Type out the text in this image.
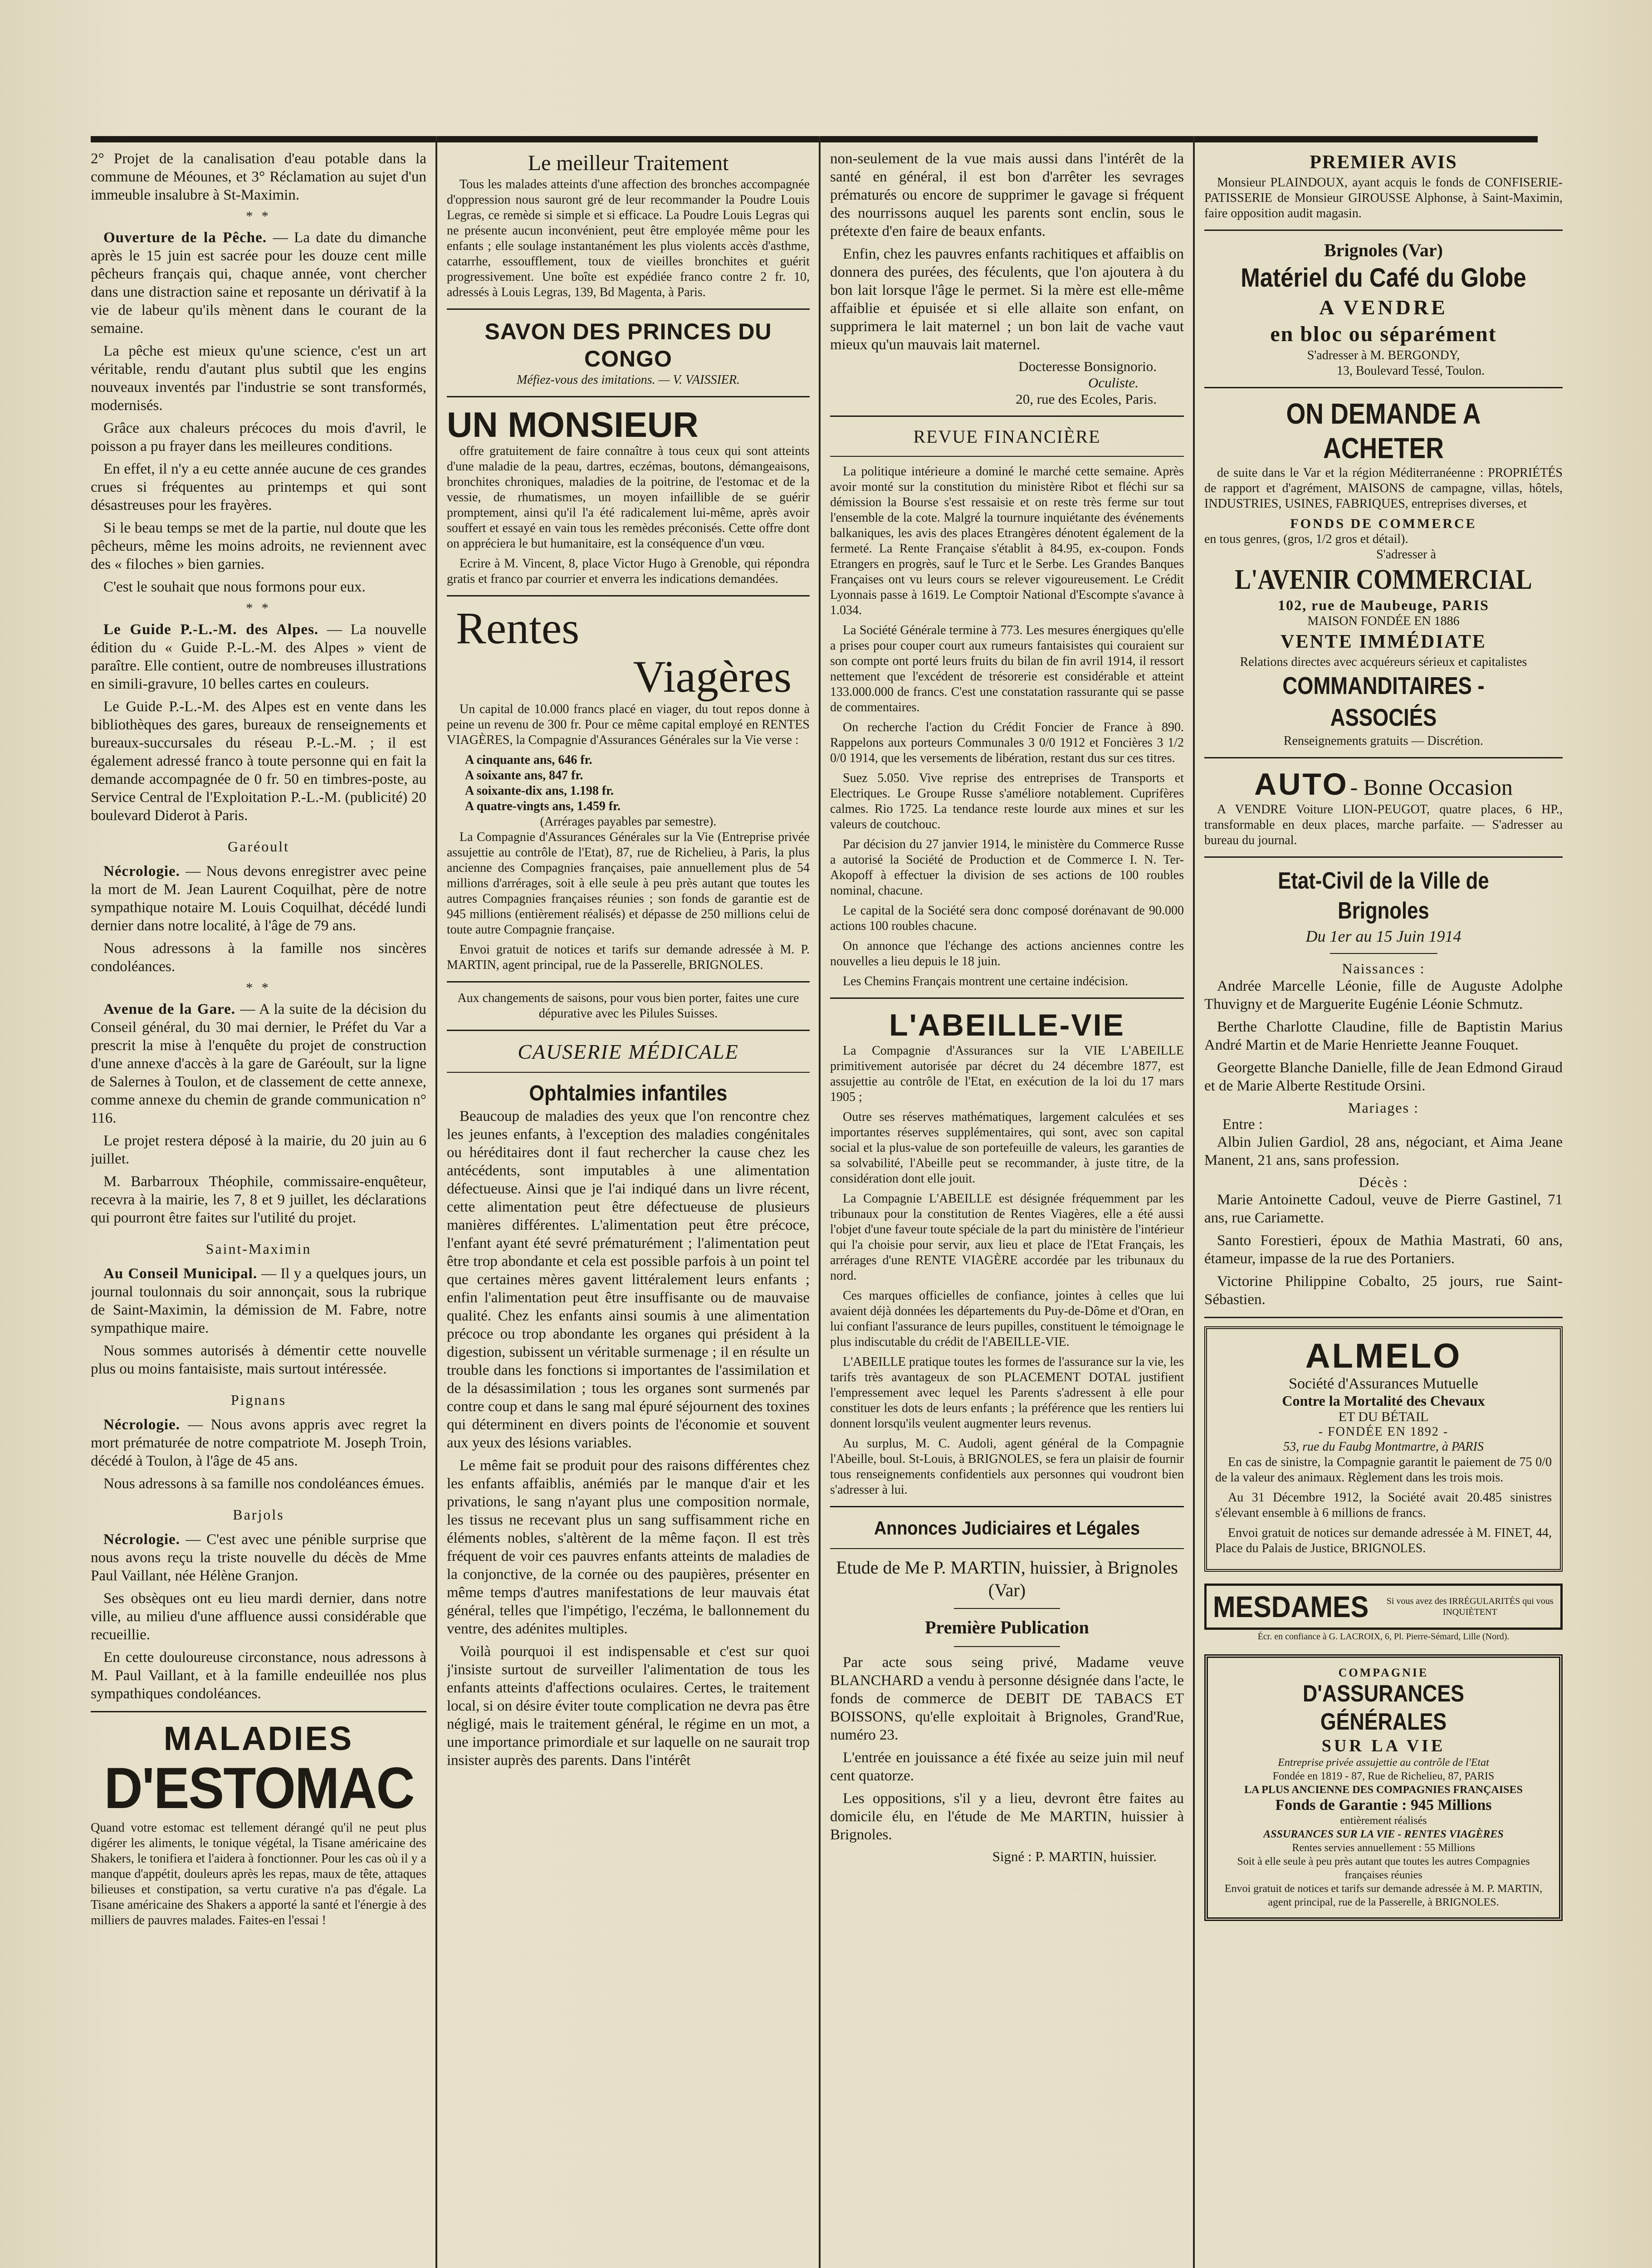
2° Projet de la canalisation d'eau potable dans la commune de Méounes, et 3° Réclamation au sujet d'un immeuble insalubre à St-Maximin.

* *

Ouverture de la Pêche. — La date du dimanche après le 15 juin est sacrée pour les douze cent mille pêcheurs français qui, chaque année, vont chercher dans une distraction saine et reposante un dérivatif à la vie de labeur qu'ils mènent dans le courant de la semaine.

La pêche est mieux qu'une science, c'est un art véritable, rendu d'autant plus subtil que les engins nouveaux inventés par l'industrie se sont transformés, modernisés.

Grâce aux chaleurs précoces du mois d'avril, le poisson a pu frayer dans les meilleures conditions.

En effet, il n'y a eu cette année aucune de ces grandes crues si fréquentes au printemps et qui sont désastreuses pour les frayères.

Si le beau temps se met de la partie, nul doute que les pêcheurs, même les moins adroits, ne reviennent avec des « filoches » bien garnies.

C'est le souhait que nous formons pour eux.

* *

Le Guide P.-L.-M. des Alpes. — La nouvelle édition du « Guide P.-L.-M. des Alpes » vient de paraître. Elle contient, outre de nombreuses illustrations en simili-gravure, 10 belles cartes en couleurs.

Le Guide P.-L.-M. des Alpes est en vente dans les bibliothèques des gares, bureaux de renseignements et bureaux-succursales du réseau P.-L.-M. ; il est également adressé franco à toute personne qui en fait la demande accompagnée de 0 fr. 50 en timbres-poste, au Service Central de l'Exploitation P.-L.-M. (publicité) 20 boulevard Diderot à Paris.

Garéoult

Nécrologie. — Nous devons enregistrer avec peine la mort de M. Jean Laurent Coquilhat, père de notre sympathique notaire M. Louis Coquilhat, décédé lundi dernier dans notre localité, à l'âge de 79 ans.

Nous adressons à la famille nos sincères condoléances.

* *

Avenue de la Gare. — A la suite de la décision du Conseil général, du 30 mai dernier, le Préfet du Var a prescrit la mise à l'enquête du projet de construction d'une annexe d'accès à la gare de Garéoult, sur la ligne de Salernes à Toulon, et de classement de cette annexe, comme annexe du chemin de grande communication n° 116.

Le projet restera déposé à la mairie, du 20 juin au 6 juillet.

M. Barbarroux Théophile, commissaire-enquêteur, recevra à la mairie, les 7, 8 et 9 juillet, les déclarations qui pourront être faites sur l'utilité du projet.

Saint-Maximin

Au Conseil Municipal. — Il y a quelques jours, un journal toulonnais du soir annonçait, sous la rubrique de Saint-Maximin, la démission de M. Fabre, notre sympathique maire.

Nous sommes autorisés à démentir cette nouvelle plus ou moins fantaisiste, mais surtout intéressée.

Pignans

Nécrologie. — Nous avons appris avec regret la mort prématurée de notre compatriote M. Joseph Troin, décédé à Toulon, à l'âge de 45 ans.

Nous adressons à sa famille nos condoléances émues.

Barjols

Nécrologie. — C'est avec une pénible surprise que nous avons reçu la triste nouvelle du décès de Mme Paul Vaillant, née Hélène Granjon.

Ses obsèques ont eu lieu mardi dernier, dans notre ville, au milieu d'une affluence aussi considérable que recueillie.

En cette douloureuse circonstance, nous adressons à M. Paul Vaillant, et à la famille endeuillée nos plus sympathiques condoléances.

MALADIES
D'ESTOMAC

Quand votre estomac est tellement dérangé qu'il ne peut plus digérer les aliments, le tonique végétal, la Tisane américaine des Shakers, le tonifiera et l'aidera à fonctionner. Pour les cas où il y a manque d'appétit, douleurs après les repas, maux de tête, attaques bilieuses et constipation, sa vertu curative n'a pas d'égale. La Tisane américaine des Shakers a apporté la santé et l'énergie à des milliers de pauvres malades. Faites-en l'essai !

Le meilleur Traitement

Tous les malades atteints d'une affection des bronches accompagnée d'oppression nous sauront gré de leur recommander la Poudre Louis Legras, ce remède si simple et si efficace. La Poudre Louis Legras qui ne présente aucun inconvénient, peut être employée même pour les enfants ; elle soulage instantanément les plus violents accès d'asthme, catarrhe, essoufflement, toux de vieilles bronchites et guérit progressivement. Une boîte est expédiée franco contre 2 fr. 10, adressés à Louis Legras, 139, Bd Magenta, à Paris.

SAVON DES PRINCES DU CONGO
Méfiez-vous des imitations. — V. VAISSIER.
UN MONSIEUR

offre gratuitement de faire connaître à tous ceux qui sont atteints d'une maladie de la peau, dartres, eczémas, boutons, démangeaisons, bronchites chroniques, maladies de la poitrine, de l'estomac et de la vessie, de rhumatismes, un moyen infaillible de se guérir promptement, ainsi qu'il l'a été radicalement lui-même, après avoir souffert et essayé en vain tous les remèdes préconisés. Cette offre dont on appréciera le but humanitaire, est la conséquence d'un vœu.

Ecrire à M. Vincent, 8, place Victor Hugo à Grenoble, qui répondra gratis et franco par courrier et enverra les indications demandées.

Rentes
Viagères

Un capital de 10.000 francs placé en viager, du tout repos donne à peine un revenu de 300 fr. Pour ce même capital employé en RENTES VIAGÈRES, la Compagnie d'Assurances Générales sur la Vie verse :

A cinquante ans, 646 fr.
A soixante ans, 847 fr.
A soixante-dix ans, 1.198 fr.
A quatre-vingts ans, 1.459 fr.
(Arrérages payables par semestre).

La Compagnie d'Assurances Générales sur la Vie (Entreprise privée assujettie au contrôle de l'Etat), 87, rue de Richelieu, à Paris, la plus ancienne des Compagnies françaises, paie annuellement plus de 54 millions d'arrérages, soit à elle seule à peu près autant que toutes les autres Compagnies françaises réunies ; son fonds de garantie est de 945 millions (entièrement réalisés) et dépasse de 250 millions celui de toute autre Compagnie française.

Envoi gratuit de notices et tarifs sur demande adressée à M. P. MARTIN, agent principal, rue de la Passerelle, BRIGNOLES.

Aux changements de saisons, pour vous bien porter, faites une cure dépurative avec les Pilules Suisses.

CAUSERIE MÉDICALE
Ophtalmies infantiles

Beaucoup de maladies des yeux que l'on rencontre chez les jeunes enfants, à l'exception des maladies congénitales ou héréditaires dont il faut rechercher la cause chez les antécédents, sont imputables à une alimentation défectueuse. Ainsi que je l'ai indiqué dans un livre récent, cette alimentation peut être défectueuse de plusieurs manières différentes. L'alimentation peut être précoce, l'enfant ayant été sevré prématurément ; l'alimentation peut être trop abondante et cela est possible parfois à un point tel que certaines mères gavent littéralement leurs enfants ; enfin l'alimentation peut être insuffisante ou de mauvaise qualité. Chez les enfants ainsi soumis à une alimentation précoce ou trop abondante les organes qui président à la digestion, subissent un véritable surmenage ; il en résulte un trouble dans les fonctions si importantes de l'assimilation et de la désassimilation ; tous les organes sont surmenés par contre coup et dans le sang mal épuré séjournent des toxines qui déterminent en divers points de l'économie et souvent aux yeux des lésions variables.

Le même fait se produit pour des raisons différentes chez les enfants affaiblis, anémiés par le manque d'air et les privations, le sang n'ayant plus une composition normale, les tissus ne recevant plus un sang suffisamment riche en éléments nobles, s'altèrent de la même façon. Il est très fréquent de voir ces pauvres enfants atteints de maladies de la conjonctive, de la cornée ou des paupières, présenter en même temps d'autres manifestations de leur mauvais état général, telles que l'impétigo, l'eczéma, le ballonnement du ventre, des adénites multiples.

Voilà pourquoi il est indispensable et c'est sur quoi j'insiste surtout de surveiller l'alimentation de tous les enfants atteints d'affections oculaires. Certes, le traitement local, si on désire éviter toute complication ne devra pas être négligé, mais le traitement général, le régime en un mot, a une importance primordiale et sur laquelle on ne saurait trop insister auprès des parents. Dans l'intérêt

non-seulement de la vue mais aussi dans l'intérêt de la santé en général, il est bon d'arrêter les sevrages prématurés ou encore de supprimer le gavage si fréquent des nourrissons auquel les parents sont enclin, sous le prétexte d'en faire de beaux enfants.

Enfin, chez les pauvres enfants rachitiques et affaiblis on donnera des purées, des féculents, que l'on ajoutera à du bon lait lorsque l'âge le permet. Si la mère est elle-même affaiblie et épuisée et si elle allaite son enfant, on supprimera le lait maternel ; un bon lait de vache vaut mieux qu'un mauvais lait maternel.

Docteresse Bonsignorio.
Oculiste.
20, rue des Ecoles, Paris.
REVUE FINANCIÈRE

La politique intérieure a dominé le marché cette semaine. Après avoir monté sur la constitution du ministère Ribot et fléchi sur sa démission la Bourse s'est ressaisie et on reste très ferme sur tout l'ensemble de la cote. Malgré la tournure inquiétante des événements balkaniques, les avis des places Etrangères dénotent également de la fermeté. La Rente Française s'établit à 84.95, ex-coupon. Fonds Etrangers en progrès, sauf le Turc et le Serbe. Les Grandes Banques Françaises ont vu leurs cours se relever vigoureusement. Le Crédit Lyonnais passe à 1619. Le Comptoir National d'Escompte s'avance à 1.034.

La Société Générale termine à 773. Les mesures énergiques qu'elle a prises pour couper court aux rumeurs fantaisistes qui couraient sur son compte ont porté leurs fruits du bilan de fin avril 1914, il ressort nettement que l'excédent de trésorerie est considérable et atteint 133.000.000 de francs. C'est une constatation rassurante qui se passe de commentaires.

On recherche l'action du Crédit Foncier de France à 890. Rappelons aux porteurs Communales 3 0/0 1912 et Foncières 3 1/2 0/0 1914, que les versements de libération, restant dus sur ces titres.

Suez 5.050. Vive reprise des entreprises de Transports et Electriques. Le Groupe Russe s'améliore notablement. Cuprifères calmes. Rio 1725. La tendance reste lourde aux mines et sur les valeurs de coutchouc.

Par décision du 27 janvier 1914, le ministère du Commerce Russe a autorisé la Société de Production et de Commerce I. N. Ter-Akopoff à effectuer la division de ses actions de 100 roubles nominal, chacune.

Le capital de la Société sera donc composé dorénavant de 90.000 actions 100 roubles chacune.

On annonce que l'échange des actions anciennes contre les nouvelles a lieu depuis le 18 juin.

Les Chemins Français montrent une certaine indécision.

L'ABEILLE-VIE

La Compagnie d'Assurances sur la VIE L'ABEILLE primitivement autorisée par décret du 24 décembre 1877, est assujettie au contrôle de l'Etat, en exécution de la loi du 17 mars 1905 ;

Outre ses réserves mathématiques, largement calculées et ses importantes réserves supplémentaires, qui sont, avec son capital social et la plus-value de son portefeuille de valeurs, les garanties de sa solvabilité, l'Abeille peut se recommander, à juste titre, de la considération dont elle jouit.

La Compagnie L'ABEILLE est désignée fréquemment par les tribunaux pour la constitution de Rentes Viagères, elle a été aussi l'objet d'une faveur toute spéciale de la part du ministère de l'intérieur qui l'a choisie pour servir, aux lieu et place de l'Etat Français, les arrérages d'une RENTE VIAGÈRE accordée par les tribunaux du nord.

Ces marques officielles de confiance, jointes à celles que lui avaient déjà données les départements du Puy-de-Dôme et d'Oran, en lui confiant l'assurance de leurs pupilles, constituent le témoignage le plus indiscutable du crédit de l'ABEILLE-VIE.

L'ABEILLE pratique toutes les formes de l'assurance sur la vie, les tarifs très avantageux de son PLACEMENT DOTAL justifient l'empressement avec lequel les Parents s'adressent à elle pour constituer les dots de leurs enfants ; la préférence que les rentiers lui donnent lorsqu'ils veulent augmenter leurs revenus.

Au surplus, M. C. Audoli, agent général de la Compagnie l'Abeille, boul. St-Louis, à BRIGNOLES, se fera un plaisir de fournir tous renseignements confidentiels aux personnes qui voudront bien s'adresser à lui.

Annonces Judiciaires et Légales
Etude de Me P. MARTIN, huissier, à Brignoles (Var)
Première Publication

Par acte sous seing privé, Madame veuve BLANCHARD a vendu à personne désignée dans l'acte, le fonds de commerce de DEBIT DE TABACS ET BOISSONS, qu'elle exploitait à Brignoles, Grand'Rue, numéro 23.

L'entrée en jouissance a été fixée au seize juin mil neuf cent quatorze.

Les oppositions, s'il y a lieu, devront être faites au domicile élu, en l'étude de Me MARTIN, huissier à Brignoles.

Signé : P. MARTIN, huissier.
PREMIER AVIS

Monsieur PLAINDOUX, ayant acquis le fonds de CONFISERIE-PATISSERIE de Monsieur GIROUSSE Alphonse, à Saint-Maximin, faire opposition audit magasin.

Brignoles (Var)
Matériel du Café du Globe
A VENDRE
en bloc ou séparément
S'adresser à M. BERGONDY,
13, Boulevard Tessé, Toulon.
ON DEMANDE A ACHETER

de suite dans le Var et la région Méditerranéenne : PROPRIÉTÉS de rapport et d'agrément, MAISONS de campagne, villas, hôtels, INDUSTRIES, USINES, FABRIQUES, entreprises diverses, et

FONDS DE COMMERCE
en tous genres, (gros, 1/2 gros et détail).
S'adresser à
L'AVENIR COMMERCIAL
102, rue de Maubeuge, PARIS
MAISON FONDÉE EN 1886
VENTE IMMÉDIATE
Relations directes avec acquéreurs sérieux et capitalistes
COMMANDITAIRES - ASSOCIÉS
Renseignements gratuits — Discrétion.
AUTO - Bonne Occasion

A VENDRE Voiture LION-PEUGOT, quatre places, 6 HP., transformable en deux places, marche parfaite. — S'adresser au bureau du journal.

Etat-Civil de la Ville de Brignoles
Du 1er au 15 Juin 1914
Naissances :

Andrée Marcelle Léonie, fille de Auguste Adolphe Thuvigny et de Marguerite Eugénie Léonie Schmutz.

Berthe Charlotte Claudine, fille de Baptistin Marius André Martin et de Marie Henriette Jeanne Fouquet.

Georgette Blanche Danielle, fille de Jean Edmond Giraud et de Marie Alberte Restitude Orsini.

Mariages :
Entre :

Albin Julien Gardiol, 28 ans, négociant, et Aima Jeane Manent, 21 ans, sans profession.

Décès :

Marie Antoinette Cadoul, veuve de Pierre Gastinel, 71 ans, rue Cariamette.

Santo Forestieri, époux de Mathia Mastrati, 60 ans, étameur, impasse de la rue des Portaniers.

Victorine Philippine Cobalto, 25 jours, rue Saint-Sébastien.

ALMELO
Société d'Assurances Mutuelle
Contre la Mortalité des Chevaux
ET DU BÉTAIL
- FONDÉE EN 1892 -
53, rue du Faubg Montmartre, à PARIS

En cas de sinistre, la Compagnie garantit le paiement de 75 0/0 de la valeur des animaux. Règlement dans les trois mois.

Au 31 Décembre 1912, la Société avait 20.485 sinistres s'élevant ensemble à 6 millions de francs.

Envoi gratuit de notices sur demande adressée à M. FINET, 44, Place du Palais de Justice, BRIGNOLES.

MESDAMES Si vous avez des IRRÉGULARITÉS qui vous INQUIÈTENT
Écr. en confiance à G. LACROIX, 6, Pl. Pierre-Sémard, Lille (Nord).
COMPAGNIE
D'ASSURANCES GÉNÉRALES
SUR LA VIE
Entreprise privée assujettie au contrôle de l'Etat
Fondée en 1819 - 87, Rue de Richelieu, 87, PARIS
LA PLUS ANCIENNE DES COMPAGNIES FRANÇAISES
Fonds de Garantie : 945 Millions
entièrement réalisés
ASSURANCES SUR LA VIE - RENTES VIAGÈRES
Rentes servies annuellement : 55 Millions
Soit à elle seule à peu près autant que toutes les autres Compagnies françaises réunies
Envoi gratuit de notices et tarifs sur demande adressée à M. P. MARTIN, agent principal, rue de la Passerelle, à BRIGNOLES.
